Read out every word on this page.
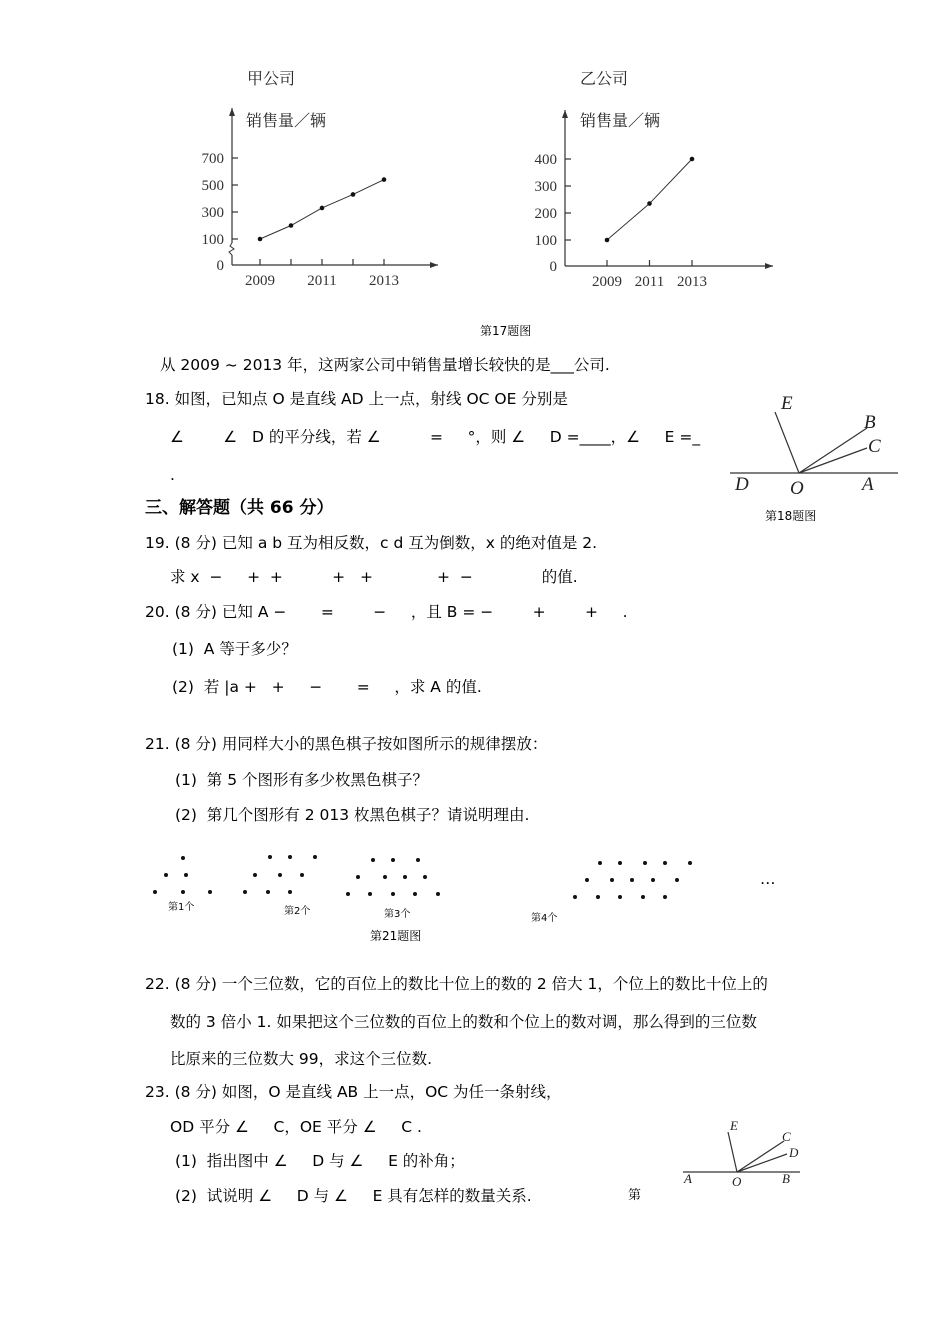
甲公司
销售量／辆
0
100
300
500
700
2009 2011 2013
乙公司
销售量／辆
0
100
200
300
400
2009 2011 2013
E
B
C
D O	A
E
C
D
A	O	B
第17题图
从 2009 ~ 2013 年，这两家公司中销售量增长较快的是___公司.
18. 如图，已知点 O 是直线 AD 上一点，射线 OC OE 分别是
∠        ∠   D 的平分线，若 ∠          =     °，则 ∠     D =____，∠     E =_
.
第18题图
三、解答题（共 66 分）
19. (8 分) 已知 a b 互为相反数，c d 互为倒数，x 的绝对值是 2.
求 x  −     +  +          +   +             +  −              的值.
20. (8 分) 已知 A −       =        −     ，且 B = −        +        +     .
(1)  A 等于多少？
(2)  若 |a +   +     −       =     ，求 A 的值.
21. (8 分) 用同样大小的黑色棋子按如图所示的规律摆放：
(1)  第 5 个图形有多少枚黑色棋子？
(2)  第几个图形有 2 013 枚黑色棋子？请说明理由.
第1个	第2个	第3个	第4个
…
第21题图
22. (8 分) 一个三位数，它的百位上的数比十位上的数的 2 倍大 1，个位上的数比十位上的
数的 3 倍小 1. 如果把这个三位数的百位上的数和个位上的数对调，那么得到的三位数
比原来的三位数大 99，求这个三位数.
23. (8 分) 如图，O 是直线 AB 上一点，OC 为任一条射线，
OD 平分 ∠     C，OE 平分 ∠     C .
(1)  指出图中 ∠     D 与 ∠     E 的补角；
(2)  试说明 ∠     D 与 ∠     E 具有怎样的数量关系.	第
